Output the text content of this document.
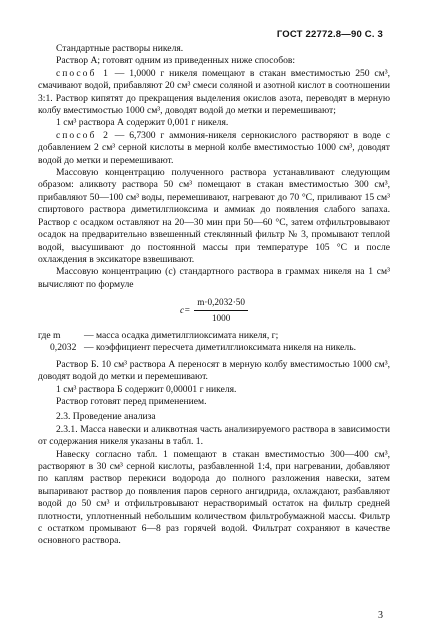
ГОСТ 22772.8—90 С. 3

Стандартные растворы никеля.

Раствор А; готовят одним из приведенных ниже способов:

способ 1 — 1,0000 г никеля помещают в стакан вместимостью 250 см³, смачивают водой, прибавляют 20 см³ смеси соляной и азотной кислот в соотношении 3:1. Раствор кипятят до прекращения выделения окислов азота, переводят в мерную колбу вместимостью 1000 см³, доводят водой до метки и перемешивают;

1 см³ раствора А содержит 0,001 г никеля.

способ 2 — 6,7300 г аммония-никеля сернокислого растворяют в воде с добавлением 2 см³ серной кислоты в мерной колбе вместимостью 1000 см³, доводят водой до метки и перемешивают.

Массовую концентрацию полученного раствора устанавливают следующим образом: аликвоту раствора 50 см³ помещают в стакан вместимостью 300 см³, прибавляют 50—100 см³ воды, перемешивают, нагревают до 70 °С, приливают 15 см³ спиртового раствора диметилглиоксима и аммиак до появления слабого запаха. Раствор с осадком оставляют на 20—30 мин при 50—60 °С, затем отфильтровывают осадок на предварительно взвешенный стеклянный фильтр № 3, промывают теплой водой, высушивают до постоянной массы при температуре 105 °С и после охлаждения в эксикаторе взвешивают.

Массовую концентрацию (c) стандартного раствора в граммах никеля на 1 см³ вычисляют по формуле

$c= \frac{m\cdot 0,2032\cdot 50}{1000}$
где m	— масса осадка диметилглиоксимата никеля, г;
0,2032 — коэффициент пересчета диметилглиоксимата никеля на никель.

Раствор Б. 10 см³ раствора А переносят в мерную колбу вместимостью 1000 см³, доводят водой до метки и перемешивают.

1 см³ раствора Б содержит 0,00001 г никеля.

Раствор готовят перед применением.

2.3. Проведение анализа

2.3.1. Масса навески и аликвотная часть анализируемого раствора в зависимости от содержания никеля указаны в табл. 1.

Навеску согласно табл. 1 помещают в стакан вместимостью 300—400 см³, растворяют в 30 см³ серной кислоты, разбавленной 1:4, при нагревании, добавляют по каплям раствор перекиси водорода до полного разложения навески, затем выпаривают раствор до появления паров серного ангидрида, охлаждают, разбавляют водой до 50 см³ и отфильтровывают нерастворимый остаток на фильтр средней плотности, уплотненный небольшим количеством фильтробумажной массы. Фильтр с остатком промывают 6—8 раз горячей водой. Фильтрат сохраняют в качестве основного раствора.

3
